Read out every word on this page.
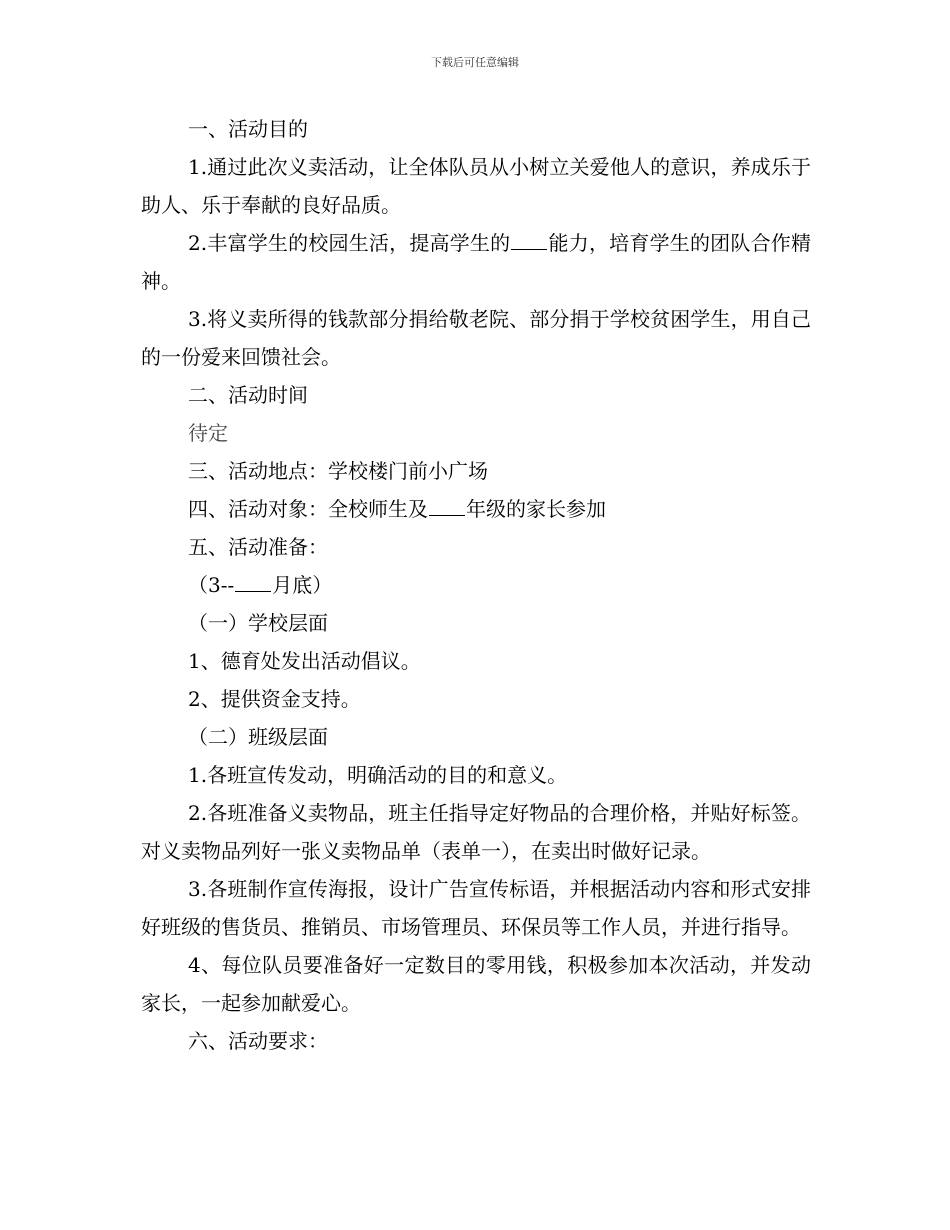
下载后可任意编辑

一、活动目的

1.通过此次义卖活动，让全体队员从小树立关爱他人的意识，养成乐于助人、乐于奉献的良好品质。

2.丰富学生的校园生活，提高学生的 能力，培育学生的团队合作精神。

3.将义卖所得的钱款部分捐给敬老院、部分捐于学校贫困学生，用自己的一份爱来回馈社会。

二、活动时间

待定

三、活动地点：学校楼门前小广场

四、活动对象：全校师生及 年级的家长参加

五、活动准备：

（3-- 月底）

（一）学校层面

1、德育处发出活动倡议。

2、提供资金支持。

（二）班级层面

1.各班宣传发动，明确活动的目的和意义。

2.各班准备义卖物品，班主任指导定好物品的合理价格，并贴好标签。对义卖物品列好一张义卖物品单（表单一），在卖出时做好记录。

3.各班制作宣传海报，设计广告宣传标语，并根据活动内容和形式安排好班级的售货员、推销员、市场管理员、环保员等工作人员，并进行指导。

4、每位队员要准备好一定数目的零用钱，积极参加本次活动，并发动家长，一起参加献爱心。

六、活动要求：
